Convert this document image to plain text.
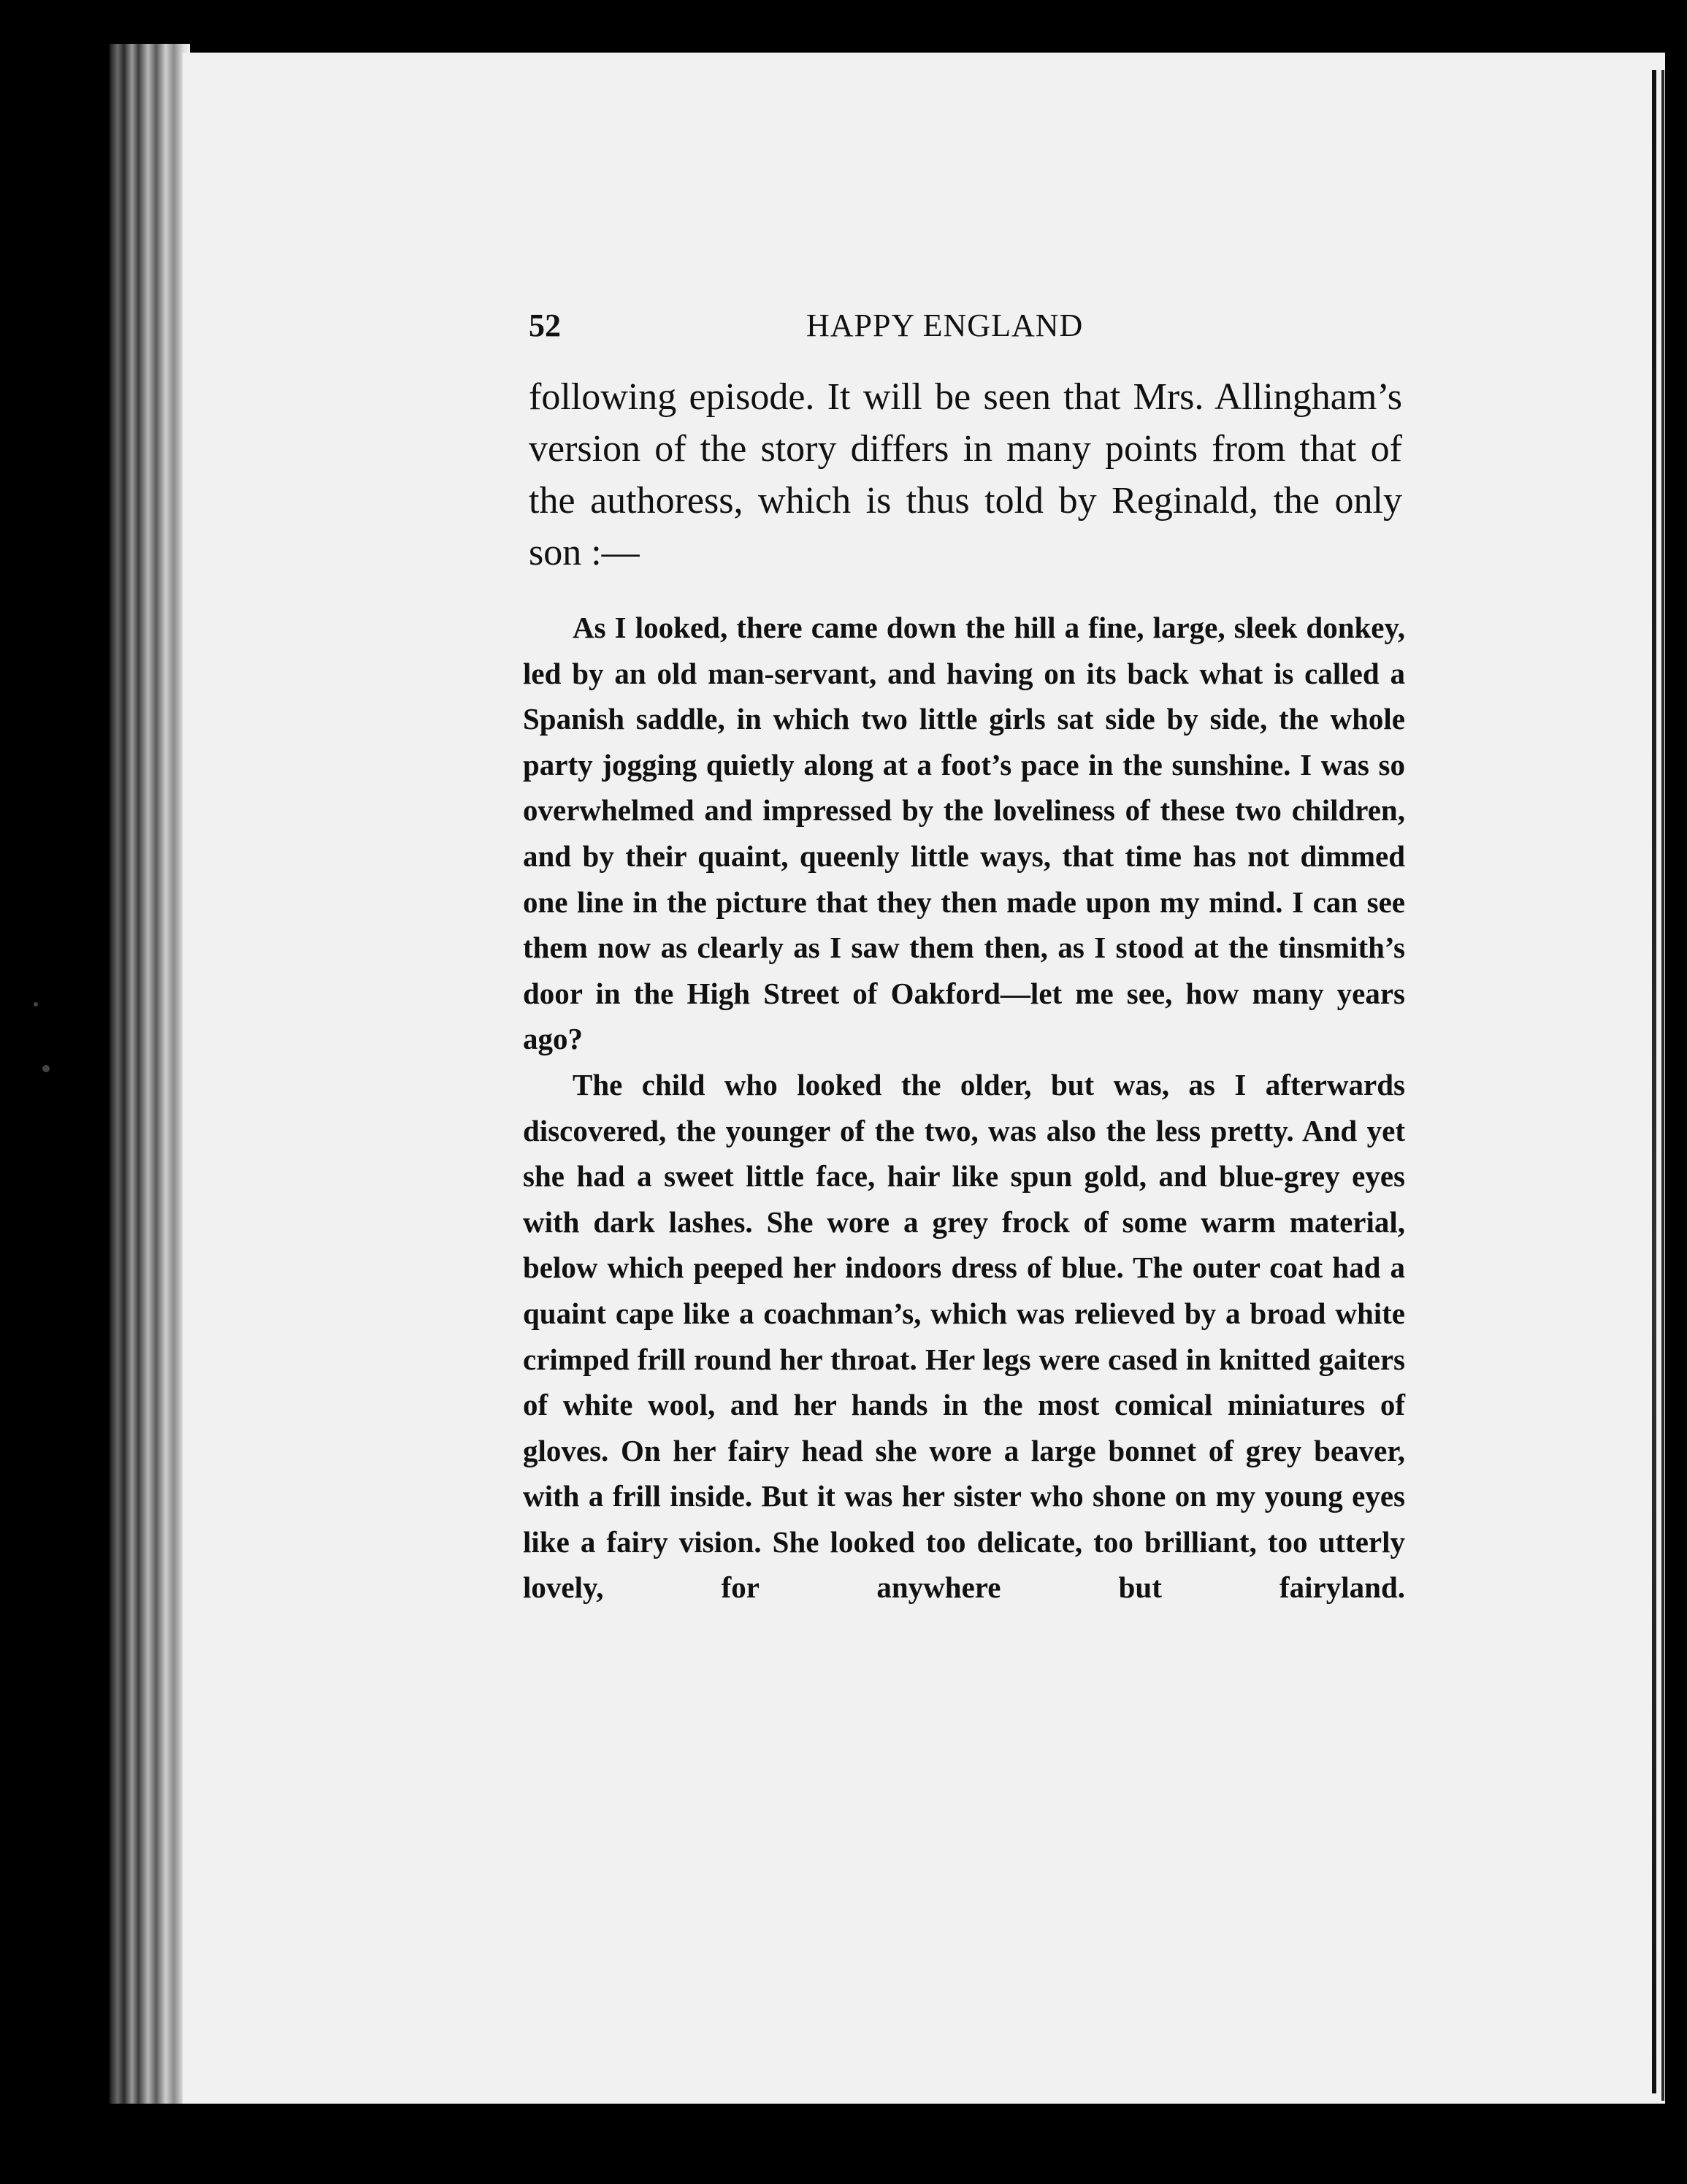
52	HAPPY ENGLAND
following episode. It will be seen that Mrs. Allingham’s version of the story differs in many points from that of the authoress, which is thus told by Reginald, the only son :—

As I looked, there came down the hill a fine, large, sleek donkey, led by an old man-servant, and having on its back what is called a Spanish saddle, in which two little girls sat side by side, the whole party jogging quietly along at a foot’s pace in the sunshine. I was so overwhelmed and impressed by the loveliness of these two children, and by their quaint, queenly little ways, that time has not dimmed one line in the picture that they then made upon my mind. I can see them now as clearly as I saw them then, as I stood at the tinsmith’s door in the High Street of Oakford—let me see, how many years ago?

The child who looked the older, but was, as I afterwards discovered, the younger of the two, was also the less pretty. And yet she had a sweet little face, hair like spun gold, and blue-grey eyes with dark lashes. She wore a grey frock of some warm material, below which peeped her indoors dress of blue. The outer coat had a quaint cape like a coachman’s, which was relieved by a broad white crimped frill round her throat. Her legs were cased in knitted gaiters of white wool, and her hands in the most comical miniatures of gloves. On her fairy head she wore a large bonnet of grey beaver, with a frill inside. But it was her sister who shone on my young eyes like a fairy vision. She looked too delicate, too brilliant, too utterly lovely, for anywhere but fairyland.
